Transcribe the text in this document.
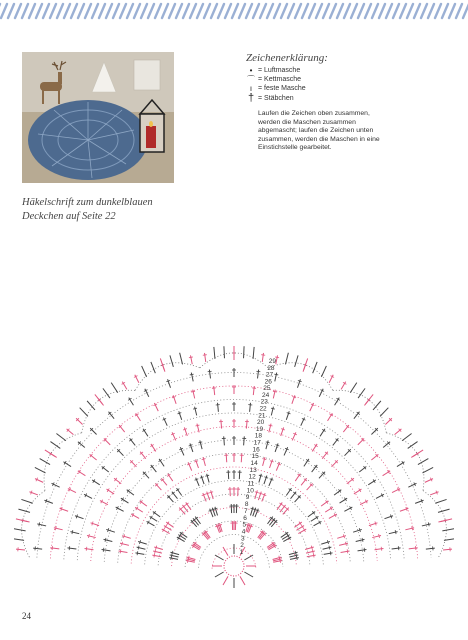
Zeichenerklärung:
• = Luftmasche
⌒ = Kettmasche
ı = feste Masche
† = Stäbchen
Laufen die Zeichen oben zusammen, werden die Maschen zusammen abgemascht; laufen die Zeichen unten zusammen, werden die Maschen in eine Einstichstelle gearbeitet.
Häkelschrift zum dunkelblauen Deckchen auf Seite 22
1
2
3
4
5
6
7
8
9
10
11
12
13
14
15
16
17
18
19
20
21
22
23
24
25
26
27
28
29
24
